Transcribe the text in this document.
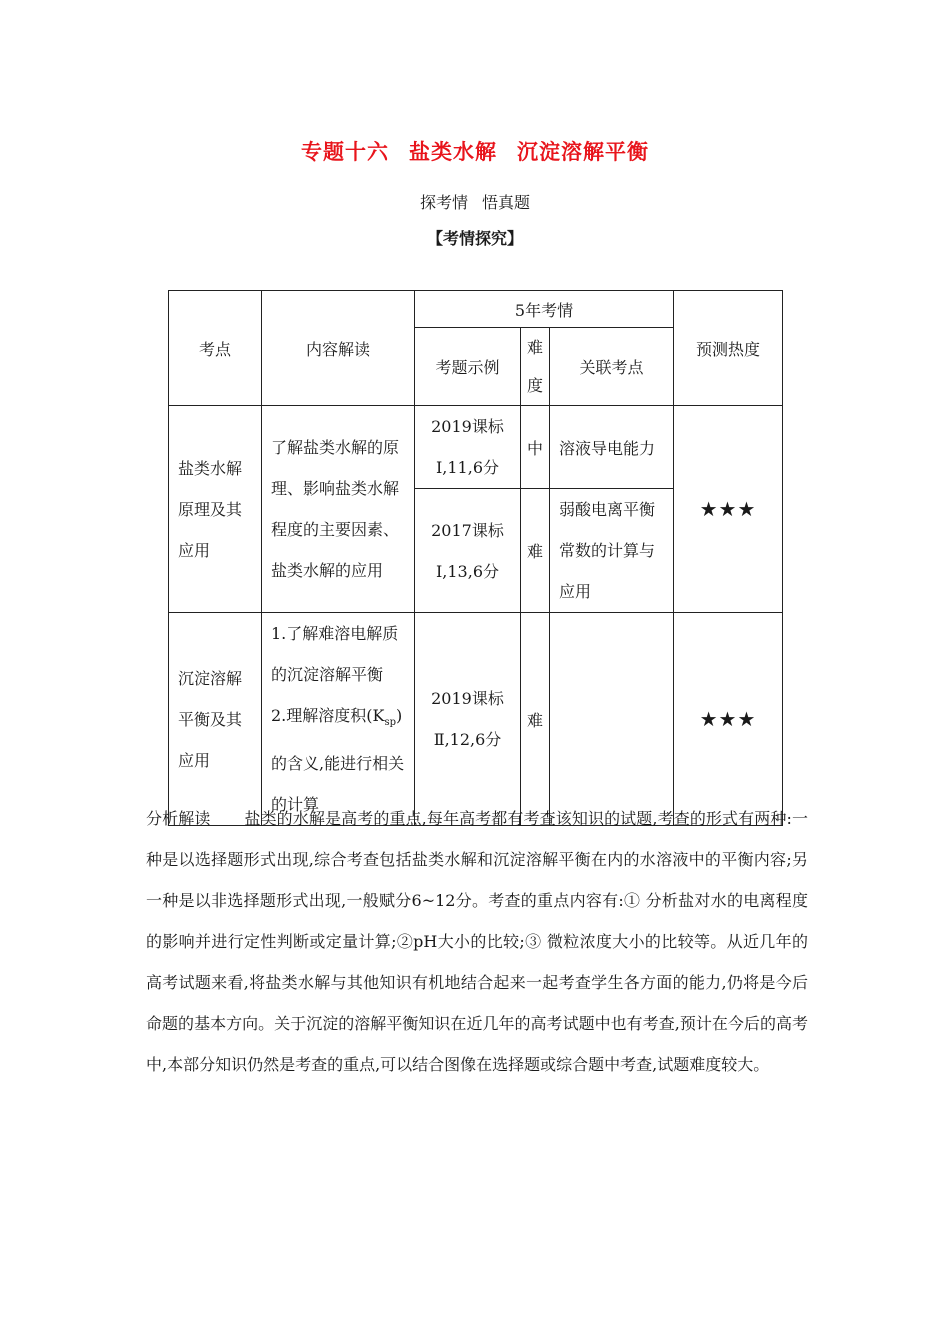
专题十六 盐类水解 沉淀溶解平衡
探考情 悟真题
【考情探究】
考点	内容解读	5年考情			预测热度
		考题示例	难度	关联考点	
盐类水解原理及其应用	了解盐类水解的原理、影响盐类水解程度的主要因素、盐类水解的应用	2019课标Ⅰ,11,6分	中	溶液导电能力	★★★
		2017课标Ⅰ,13,6分	难	弱酸电离平衡常数的计算与应用	
沉淀溶解平衡及其应用	1.了解难溶电解质的沉淀溶解平衡
2.理解溶度积$(K_{sp})$的含义,能进行相关的计算	2019课标Ⅱ,12,6分	难		★★★
分析解读 盐类的水解是高考的重点,每年高考都有考查该知识的试题,考查的形式有两种:一种是以选择题形式出现,综合考查包括盐类水解和沉淀溶解平衡在内的水溶液中的平衡内容;另一种是以非选择题形式出现,一般赋分6~12分。考查的重点内容有:① 分析盐对水的电离程度的影响并进行定性判断或定量计算;②pH大小的比较;③ 微粒浓度大小的比较等。从近几年的高考试题来看,将盐类水解与其他知识有机地结合起来一起考查学生各方面的能力,仍将是今后命题的基本方向。关于沉淀的溶解平衡知识在近几年的高考试题中也有考查,预计在今后的高考中,本部分知识仍然是考查的重点,可以结合图像在选择题或综合题中考查,试题难度较大。
